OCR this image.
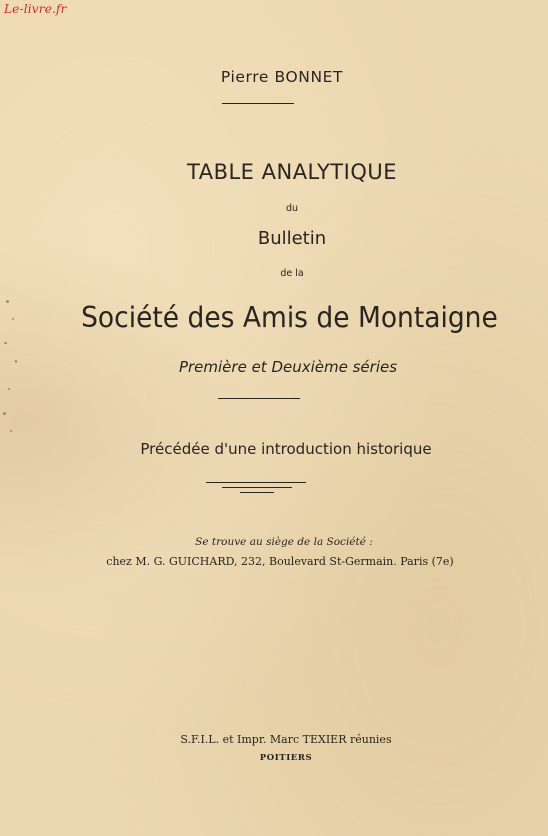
Le-livre.fr
Pierre BONNET
TABLE ANALYTIQUE
du
Bulletin
de la
Société des Amis de Montaigne
Première et Deuxième séries
Précédée d'une introduction historique
Se trouve au siège de la Société :
chez M. G. GUICHARD, 232, Boulevard St-Germain. Paris (7e)
S.F.I.L. et Impr. Marc TEXIER réunies
POITIERS
